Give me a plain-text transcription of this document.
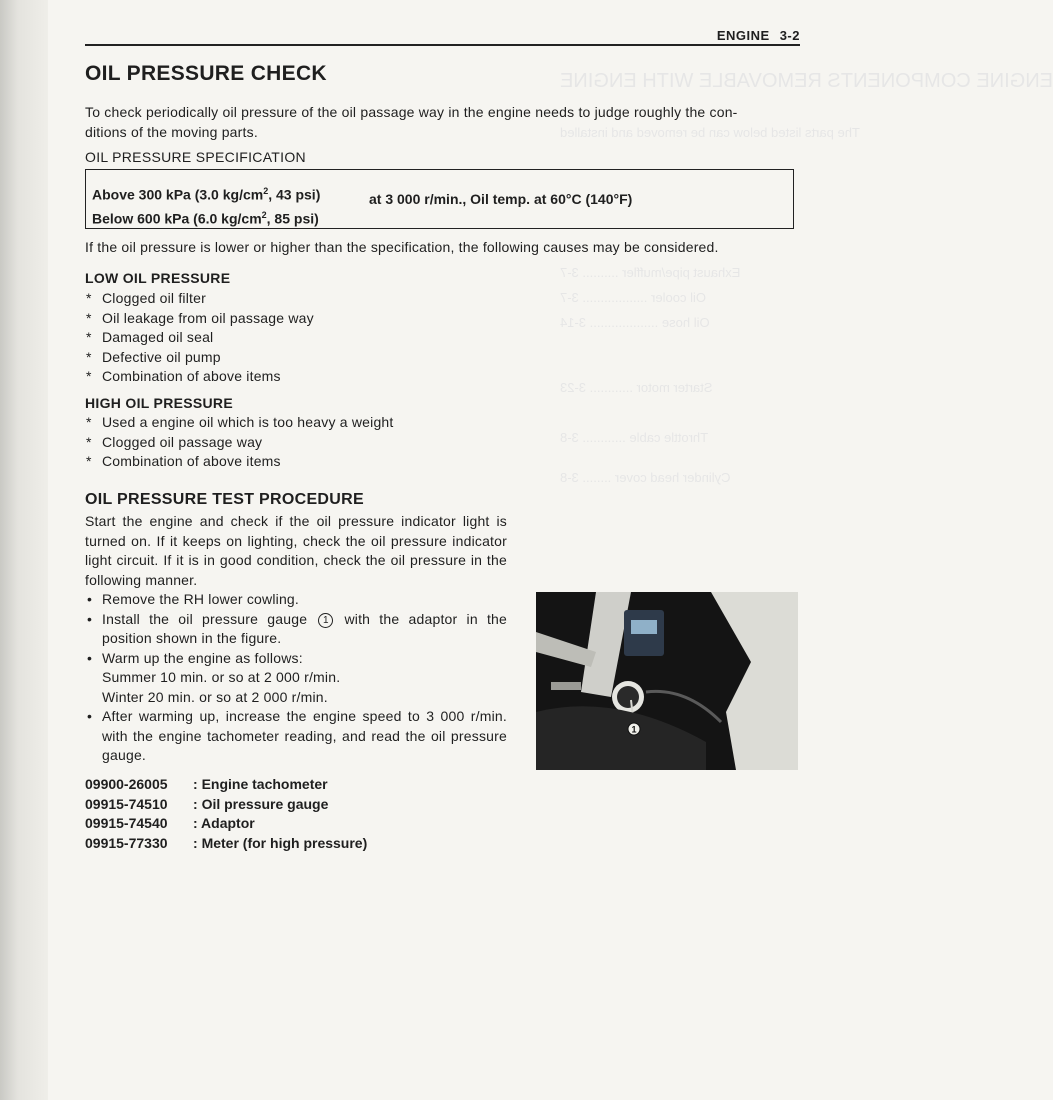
ENGINE COMPONENTS REMOVABLE WITH ENGINE
The parts listed below can be removed and installed
Exhaust pipe/muffler .......... 3-7
Oil cooler .................. 3-7
Oil hose ................... 3-14
Starter motor ............ 3-23
Throttle cable ............ 3-8
Cylinder head cover ........ 3-8
ENGINE 3-2
OIL PRESSURE CHECK
To check periodically oil pressure of the oil passage way in the engine needs to judge roughly the con-
ditions of the moving parts.
OIL PRESSURE SPECIFICATION
Above 300 kPa (3.0 $kg/cm^2$, 43 psi)
Below 600 kPa (6.0 $kg/cm^2$, 85 psi)
at 3 000 r/min., Oil temp. at 60°C (140°F)
If the oil pressure is lower or higher than the specification, the following causes may be considered.
LOW OIL PRESSURE
* Clogged oil filter
* Oil leakage from oil passage way
* Damaged oil seal
* Defective oil pump
* Combination of above items
HIGH OIL PRESSURE
* Used a engine oil which is too heavy a weight
* Clogged oil passage way
* Combination of above items
OIL PRESSURE TEST PROCEDURE
Start the engine and check if the oil pressure indicator light is turned on. If it keeps on lighting, check the oil pressure indicator light circuit. If it is in good condition, check the oil pressure in the following manner.
• Remove the RH lower cowling.
• Install the oil pressure gauge 1 with the adaptor in the position shown in the figure.
• Warm up the engine as follows:
Summer 10 min. or so at 2 000 r/min.
Winter 20 min. or so at 2 000 r/min.
• After warming up, increase the engine speed to 3 000 r/min. with the engine tachometer reading, and read the oil pressure gauge.
09900-26005 : Engine tachometer
09915-74510 : Oil pressure gauge
09915-74540 : Adaptor
09915-77330 : Meter (for high pressure)
1
